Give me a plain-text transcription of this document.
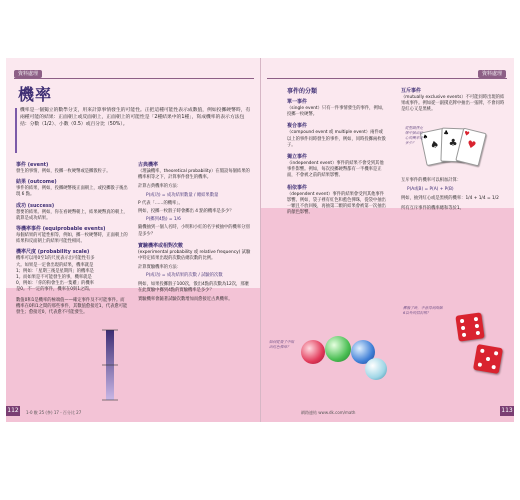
資料處理
機率
機率是一個獨立的數學分支，用來計算事情發生的可能性。正把這種可能性表示成數值，例如投擲硬幣時，有兩種可能的結果：正面朝上或反面朝上，正面朝上的可能性是「2種結果中的1種」，寫成機率的表示方法包括：分數（1/2）、小數（0.5）或百分比（50%）。
事件 (event)
發生的事情，例如，投擲一枚硬幣或是擲骰粒子。
結果 (outcome)
事件的結果，例如，投擲硬幣後正面朝上，或投擲骰子後出現 6 點。
成功 (success)
想要的結果。例如，你在看硬幣朝上，結果硬幣真的朝上，就算是成功結果。
等機率事件 (equiprobable events)
每個結果的可能性相等，例如，擲一枚硬幣時，正面朝上的結果和反面朝上的結果可能性相同。
機率尺度 (probability scale)
機率可以用0至1的尺度表示出可能性有多大。如果是一定會出現的結果，機率就是1；例如：「星期三後是星期四」的機率是1。而如果是不可能發生的事，機率就是0，例如：「你的狗會生出一隻雞」的機率是0。不一定的事件，機率在0與1之間。
數值0和1是機率的極端值——確定事件及不可能事件。而機率在0和1之間的那些事件，其數值愈接近1，代表愈可能發生；愈接近0，代表愈不可能發生。
古典機率
（理論機率，theoretical probability）在假設每個結果的機率相等之下，計算事件發生的機率。
計算古典機率的方法：
P(成功) = 成功結果數量 / 總結果數量
P 代表「……的機率」。
例如，投擲一枚骰子時會擲出 4 點的機率是多少？
P(擲到4點) = 1/6
隨機抽到一個人名時，小明和小紅的名字被抽中的機率分別是多少？
實驗機率或相對次數
(experimental probability 或 relative frequency) 試驗中特定結果出現的次數佔總次數的比例。
計算實驗機率的方法：
P(成功) = 成功結果的次數 / 試驗的次數
例如，如果投擲骰子100次，骰出4點的次數為12次，那麼在此實驗中擲到4點的實驗機率是多少？
實驗機率會隨著試驗次數增加而愈接近古典機率。
112	1-0 數 25 (參) 17 - 百分比 27
資料處理
事件的分類
單一事件
（single event）只有一件事情發生的事件，例如，投擲一枚硬幣。
複合事件
（compound event 或 multiple event）兩件或以上的事件同時發生的事件，例如，同時投擲兩枚骰子。
獨立事件
（independent event）事件的結果不會受到其他事件影響。例如，每次投擲硬幣都有一半機率是正面，不會被之前的結果影響。
相依事件
（dependent event）事件的結果會受到其他事件影響。例如，袋子裡有紅色和藍色彈珠，從袋中抽出一顆且不放回後，再抽第二顆的結果會被第一次抽出的顏色影響。
如何從袋子中取出紅色彈珠？
互斥事件
（mutually exclusive events）不可能同時出現的結果或事件。例如從一副撲克牌中抽出一張牌，不會同時是紅心又是黑桃。
♠
♠
♣
♣
♥
♥
從整副撲克牌中抽出紅心的機率是多少？
互斥事件的機率可以相加計算：
P(A或B) = P(A) + P(B)
例如，抽到紅心或是黑桃的機率：1/4 + 1/4 = 1/2
所有互斥事件的機率總和等於1。
擲骰子時，不會得到兩個6以外的情況嗎？
113
網路連結 www.dk.com/math
